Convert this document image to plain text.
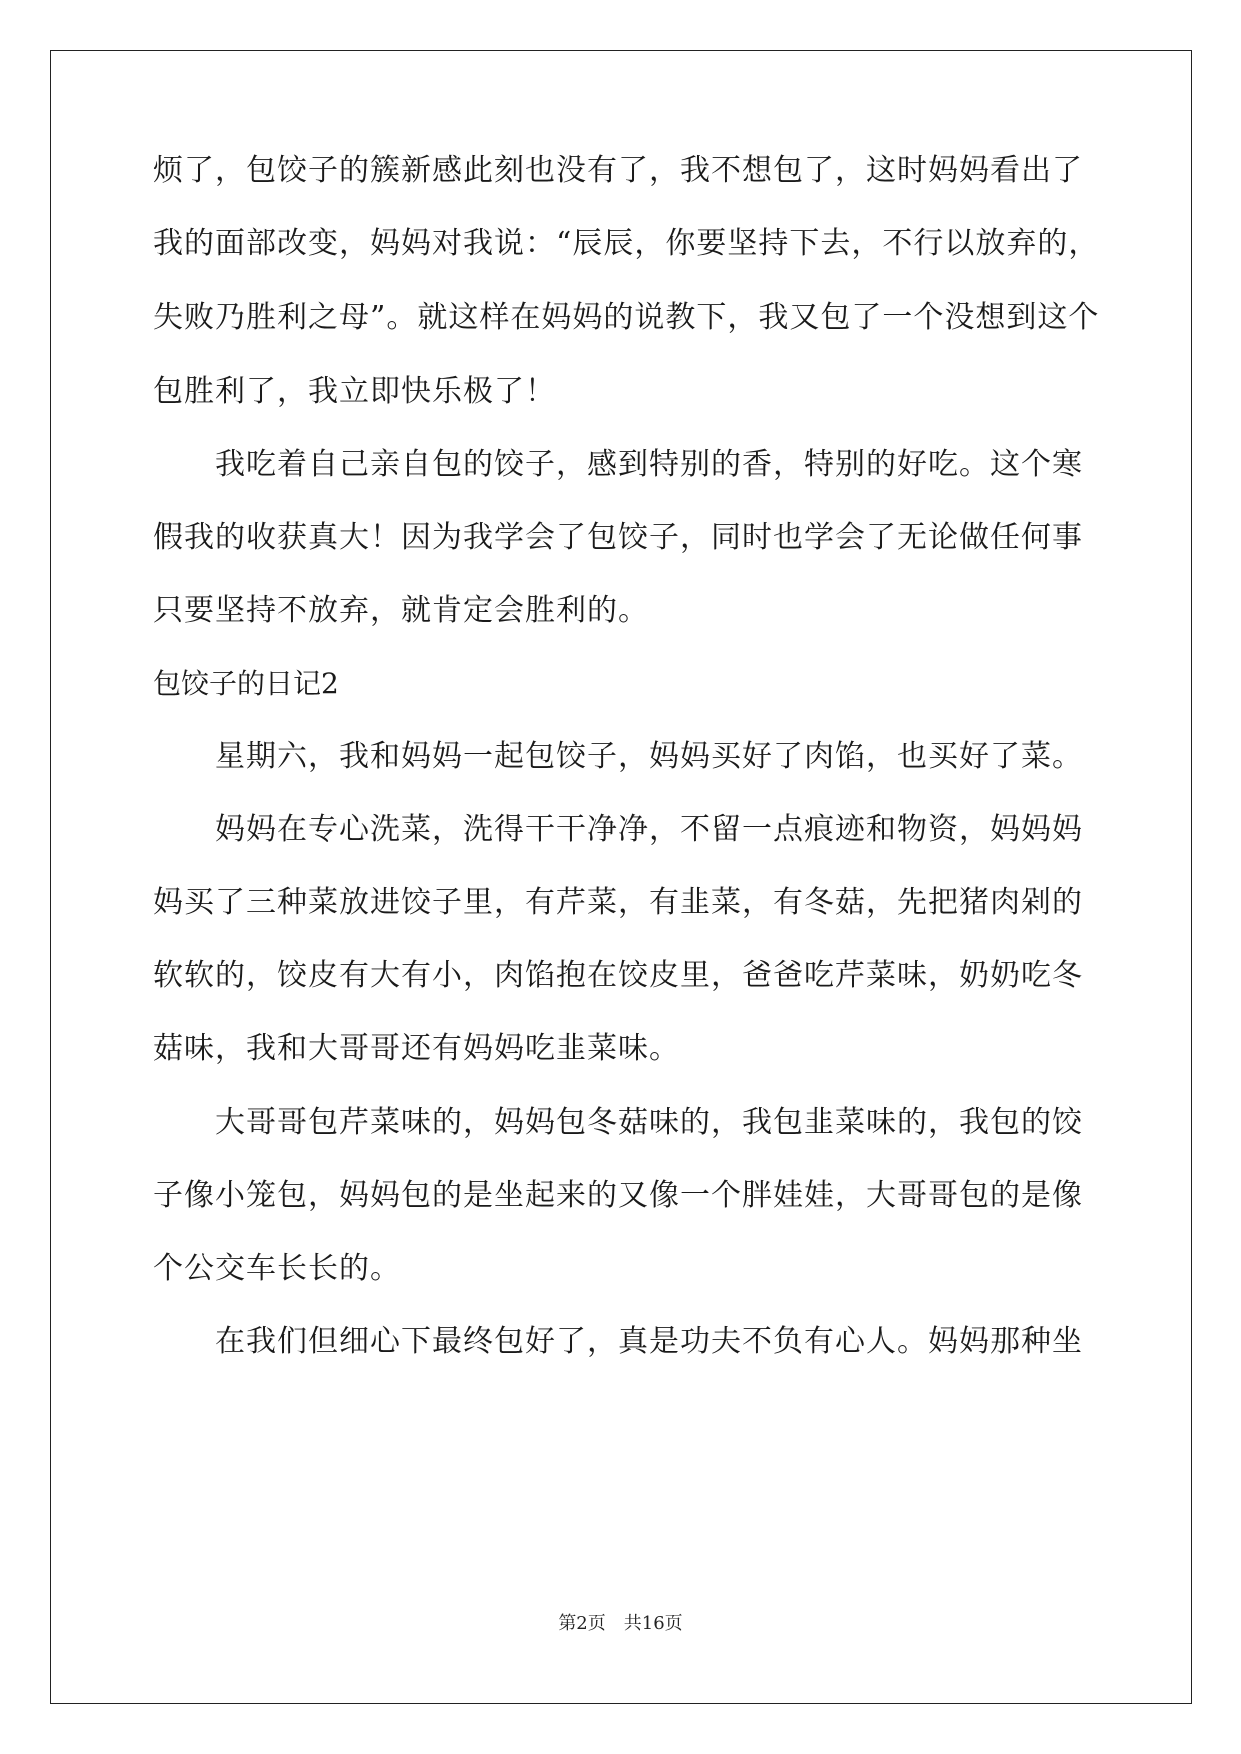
烦了，包饺子的簇新感此刻也没有了，我不想包了，这时妈妈看出了
我的面部改变，妈妈对我说：“辰辰，你要坚持下去，不行以放弃的，
失败乃胜利之母”。就这样在妈妈的说教下，我又包了一个没想到这个
包胜利了，我立即快乐极了！
我吃着自己亲自包的饺子，感到特别的香，特别的好吃。这个寒
假我的收获真大！因为我学会了包饺子，同时也学会了无论做任何事
只要坚持不放弃，就肯定会胜利的。
包饺子的日记2
星期六，我和妈妈一起包饺子，妈妈买好了肉馅，也买好了菜。
妈妈在专心洗菜，洗得干干净净，不留一点痕迹和物资，妈妈妈
妈买了三种菜放进饺子里，有芹菜，有韭菜，有冬菇，先把猪肉剁的
软软的，饺皮有大有小，肉馅抱在饺皮里，爸爸吃芹菜味，奶奶吃冬
菇味，我和大哥哥还有妈妈吃韭菜味。
大哥哥包芹菜味的，妈妈包冬菇味的，我包韭菜味的，我包的饺
子像小笼包，妈妈包的是坐起来的又像一个胖娃娃，大哥哥包的是像
个公交车长长的。
在我们但细心下最终包好了，真是功夫不负有心人。妈妈那种坐
第2页　共16页
